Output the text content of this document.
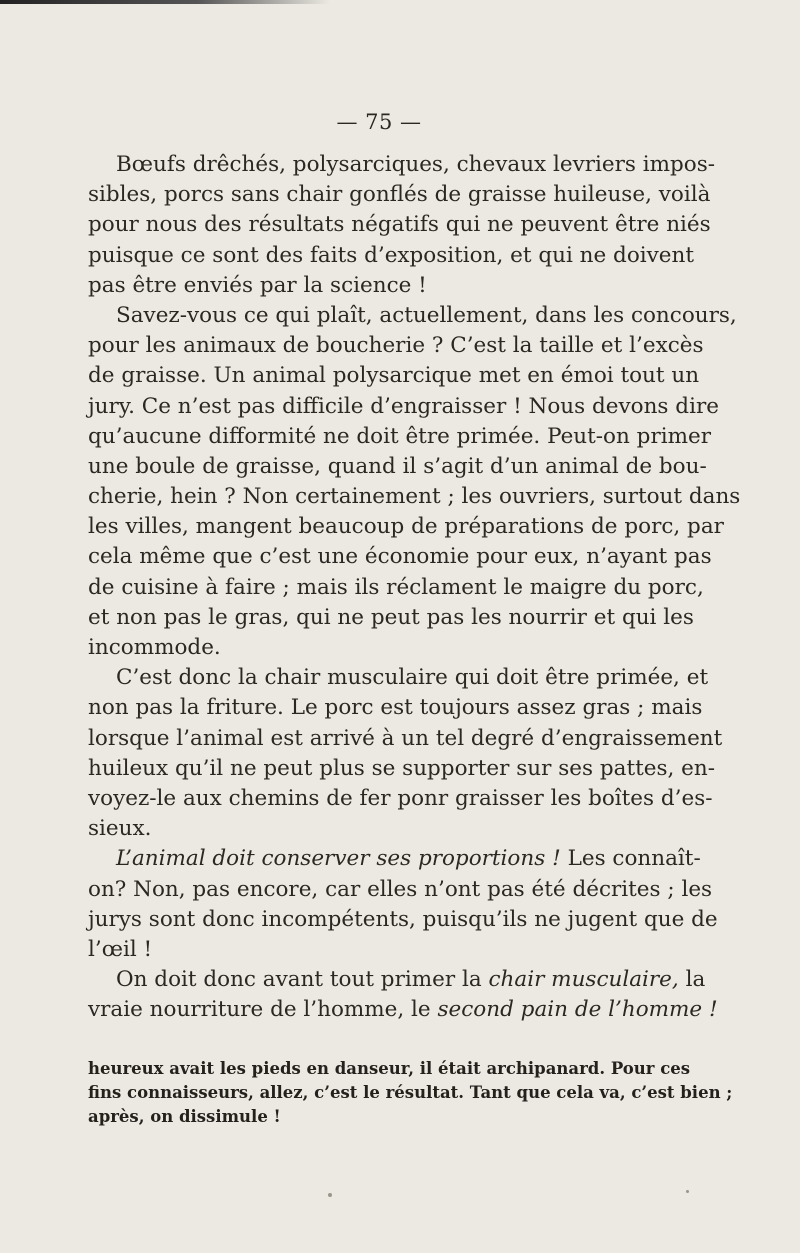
— 75 —
Bœufs drêchés, polysarciques, chevaux levriers impos-
sibles, porcs sans chair gonflés de graisse huileuse, voilà
pour nous des résultats négatifs qui ne peuvent être niés
puisque ce sont des faits d’exposition, et qui ne doivent
pas être enviés par la science !
Savez-vous ce qui plaît, actuellement, dans les concours,
pour les animaux de boucherie ? C’est la taille et l’excès
de graisse. Un animal polysarcique met en émoi tout un
jury. Ce n’est pas difficile d’engraisser ! Nous devons dire
qu’aucune difformité ne doit être primée. Peut-on primer
une boule de graisse, quand il s’agit d’un animal de bou-
cherie, hein ? Non certainement ; les ouvriers, surtout dans
les villes, mangent beaucoup de préparations de porc, par
cela même que c’est une économie pour eux, n’ayant pas
de cuisine à faire ; mais ils réclament le maigre du porc,
et non pas le gras, qui ne peut pas les nourrir et qui les
incommode.
C’est donc la chair musculaire qui doit être primée, et
non pas la friture. Le porc est toujours assez gras ; mais
lorsque l’animal est arrivé à un tel degré d’engraissement
huileux qu’il ne peut plus se supporter sur ses pattes, en-
voyez-le aux chemins de fer ponr graisser les boîtes d’es-
sieux.
L’animal doit conserver ses proportions ! Les connaît-
on? Non, pas encore, car elles n’ont pas été décrites ; les
jurys sont donc incompétents, puisqu’ils ne jugent que de
l’œil !
On doit donc avant tout primer la chair musculaire, la
vraie nourriture de l’homme, le second pain de l’homme !
heureux avait les pieds en danseur, il était archipanard. Pour ces
fins connaisseurs, allez, c’est le résultat. Tant que cela va, c’est bien ;
après, on dissimule !
